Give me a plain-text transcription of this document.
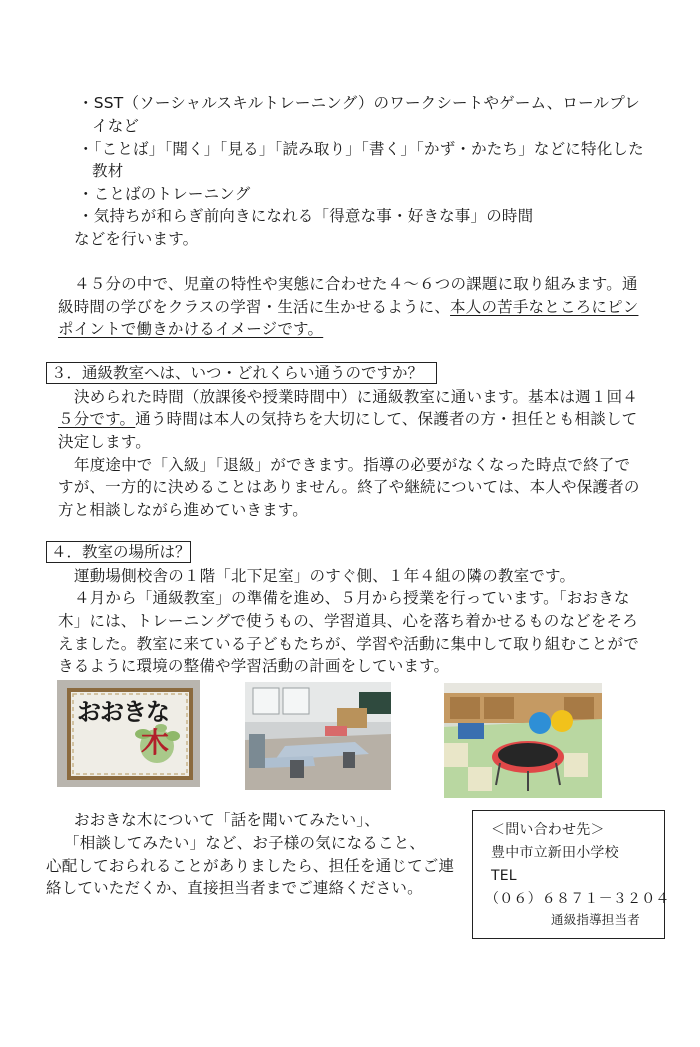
・SST（ソーシャルスキルトレーニング）のワークシートやゲーム、ロールプレ
イなど
・「ことば」「聞く」「見る」「読み取り」「書く」「かず・かたち」などに特化した
教材
・ことばのトレーニング
・気持ちが和らぎ前向きになれる「得意な事・好きな事」の時間
などを行います。
４５分の中で、児童の特性や実態に合わせた４～６つの課題に取り組みます。通
級時間の学びをクラスの学習・生活に生かせるように、本人の苦手なところにピン
ポイントで働きかけるイメージです。
３．通級教室へは、いつ・どれくらい通うのですか？
決められた時間（放課後や授業時間中）に通級教室に通います。基本は週１回４
５分です。通う時間は本人の気持ちを大切にして、保護者の方・担任とも相談して
決定します。
年度途中で「入級」「退級」ができます。指導の必要がなくなった時点で終了で
すが、一方的に決めることはありません。終了や継続については、本人や保護者の
方と相談しながら進めていきます。
４．教室の場所は？
運動場側校舎の１階「北下足室」のすぐ側、１年４組の隣の教室です。
４月から「通級教室」の準備を進め、５月から授業を行っています。「おおきな
木」には、トレーニングで使うもの、学習道具、心を落ち着かせるものなどをそろ
えました。教室に来ている子どもたちが、学習や活動に集中して取り組むことがで
きるように環境の整備や学習活動の計画をしています。
おおきな
木
おおきな木について「話を聞いてみたい」、
「相談してみたい」など、お子様の気になること、
心配しておられることがありましたら、担任を通じてご連
絡していただくか、直接担当者までご連絡ください。
＜問い合わせ先＞
豊中市立新田小学校
TEL
（０６）６８７１－３２０４
通級指導担当者
